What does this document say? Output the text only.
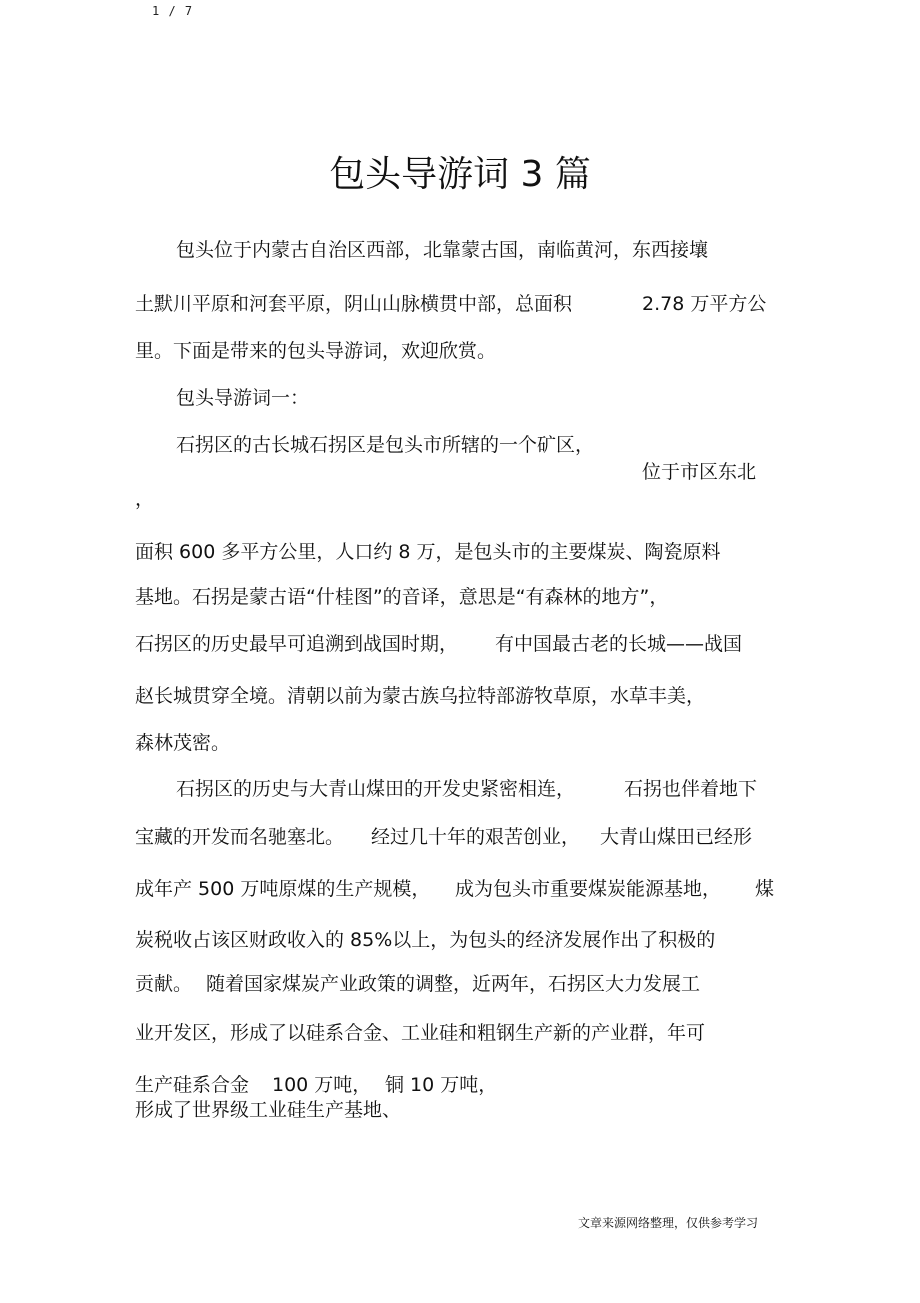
1 / 7
包头导游词 3 篇
包头位于内蒙古自治区西部，北靠蒙古国，南临黄河，东西接壤
土默川平原和河套平原，阴山山脉横贯中部，总面积	2.78 万平方公
里。下面是带来的包头导游词，欢迎欣赏。
包头导游词一：
石拐区的古长城石拐区是包头市所辖的一个矿区，
位于市区东北
，
面积 600 多平方公里，人口约 8 万，是包头市的主要煤炭、陶瓷原料
基地。石拐是蒙古语“什桂图”的音译，意思是“有森林的地方”，
石拐区的历史最早可追溯到战国时期， 有中国最古老的长城——战国
赵长城贯穿全境。清朝以前为蒙古族乌拉特部游牧草原，水草丰美，
森林茂密。
石拐区的历史与大青山煤田的开发史紧密相连，	石拐也伴着地下
宝藏的开发而名驰塞北。 经过几十年的艰苦创业， 大青山煤田已经形
成年产 500 万吨原煤的生产规模， 成为包头市重要煤炭能源基地， 煤
炭税收占该区财政收入的 85%以上，为包头的经济发展作出了积极的
贡献。 随着国家煤炭产业政策的调整，近两年，石拐区大力发展工
业开发区，形成了以硅系合金、工业硅和粗钢生产新的产业群，年可
生产硅系合金 100 万吨， 铜 10 万吨，
形成了世界级工业硅生产基地、
文章来源网络整理，仅供参考学习
